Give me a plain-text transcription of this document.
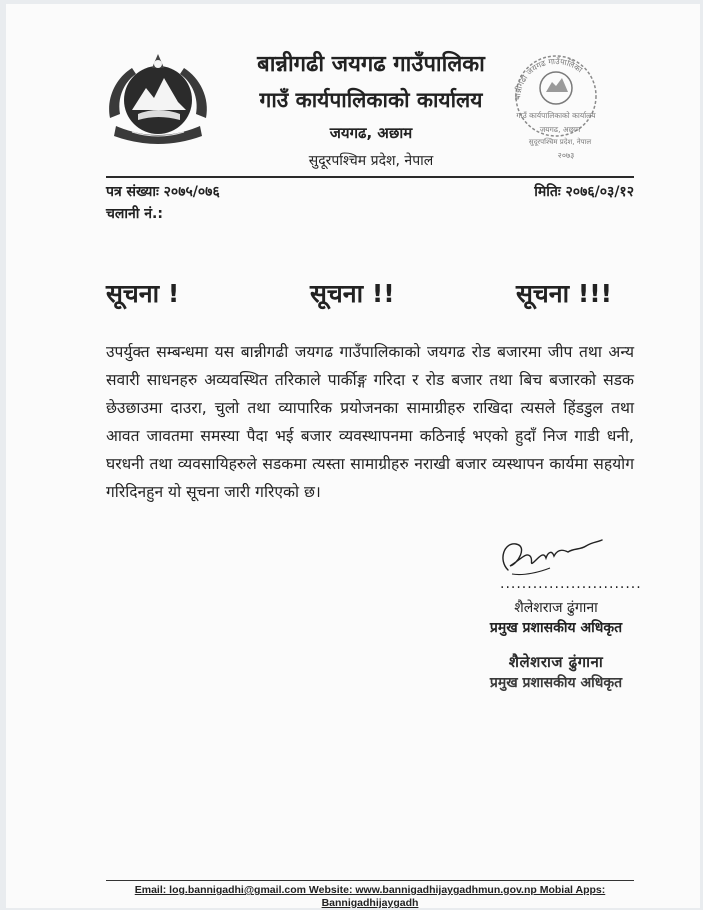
बान्नीगढी जयगढ गाउँपालिका
गाउँ कार्यपालिकाको कार्यालय
जयगढ, अछाम
सुदूरपश्चिम प्रदेश, नेपाल
बान्नीगढी जयगढ गाउँपालिका
गाउँ कार्यपालिकाको कार्यालय
जयगढ, अछाम
सुदूरपश्चिम प्रदेश, नेपाल
२०७३
पत्र संख्याः २०७५/०७६
चलानी नं.:
मितिः २०७६/०३/१२
सूचना !	सूचना !!	सूचना !!!
उपर्युक्त सम्बन्धमा यस बान्नीगढी जयगढ गाउँपालिकाको जयगढ रोड बजारमा जीप तथा अन्य सवारी साधनहरु अव्यवस्थित तरिकाले पार्कीङ्ग गरिदा र रोड बजार तथा बिच बजारको सडक छेउछाउमा दाउरा, चुलो तथा व्यापारिक प्रयोजनका सामाग्रीहरु राखिदा त्यसले हिंडडुल तथा आवत जावतमा समस्या पैदा भई बजार व्यवस्थापनमा कठिनाई भएको हुदाँ निज गाडी धनी, घरधनी तथा व्यवसायिहरुले सडकमा त्यस्ता सामाग्रीहरु नराखी बजार व्यस्थापन कार्यमा सहयोग गरिदिनहुन यो सूचना जारी गरिएको छ।
..........................
शैलेशराज ढुंगाना
प्रमुख प्रशासकीय अधिकृत
शैलेशराज ढुंगाना
प्रमुख प्रशासकीय अधिकृत
Email: log.bannigadhi@gmail.com Website: www.bannigadhijaygadhmun.gov.np Mobial Apps: Bannigadhijaygadh
